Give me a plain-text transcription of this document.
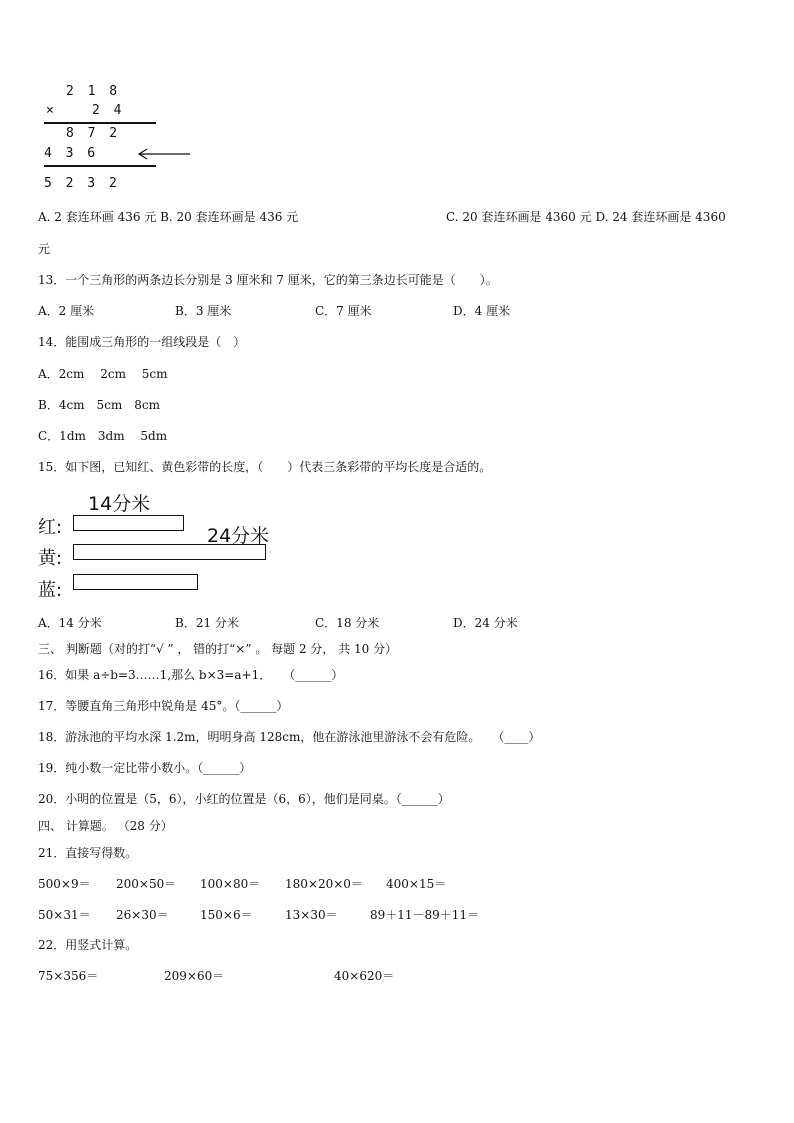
2 1 8
×	2 4
8 7 2
4 3 6
5 2 3 2
A. 2 套连环画 436 元 B. 20 套连环画是 436 元	C. 20 套连环画是 4360 元 D. 24 套连环画是 4360
元
13．一个三角形的两条边长分别是 3 厘米和 7 厘米，它的第三条边长可能是（　　）。
A．2 厘米	B．3 厘米	C．7 厘米	D．4 厘米
14．能围成三角形的一组线段是（　）
A．2cm　 2cm　 5cm
B．4cm　5cm　8cm
C．1dm　3dm　 5dm
15．如下图，已知红、黄色彩带的长度，（　　）代表三条彩带的平均长度是合适的。
14分米
红:	24分米
黄:
蓝:
A．14 分米	B．21 分米	C．18 分米	D．24 分米
三、 判断题（对的打“√ ” ， 错的打“×” 。 每题 2 分， 共 10 分）
16．如果 a÷b=3……1,那么 b×3=a+1．　　（______）
17．等腰直角三角形中锐角是 45°。（______）
18．游泳池的平均水深 1.2m，明明身高 128cm，他在游泳池里游泳不会有危险。　　（____）
19．纯小数一定比带小数小。（______）
20．小明的位置是（5，6），小红的位置是（6，6），他们是同桌。（______）
四、 计算题。 （28 分）
21．直接写得数。
500×9＝ 200×50＝ 100×80＝ 180×20×0＝ 400×15＝
50×31＝ 26×30＝	150×6＝	13×30＝	89＋11－89＋11＝
22．用竖式计算。
75×356＝	209×60＝	40×620＝
